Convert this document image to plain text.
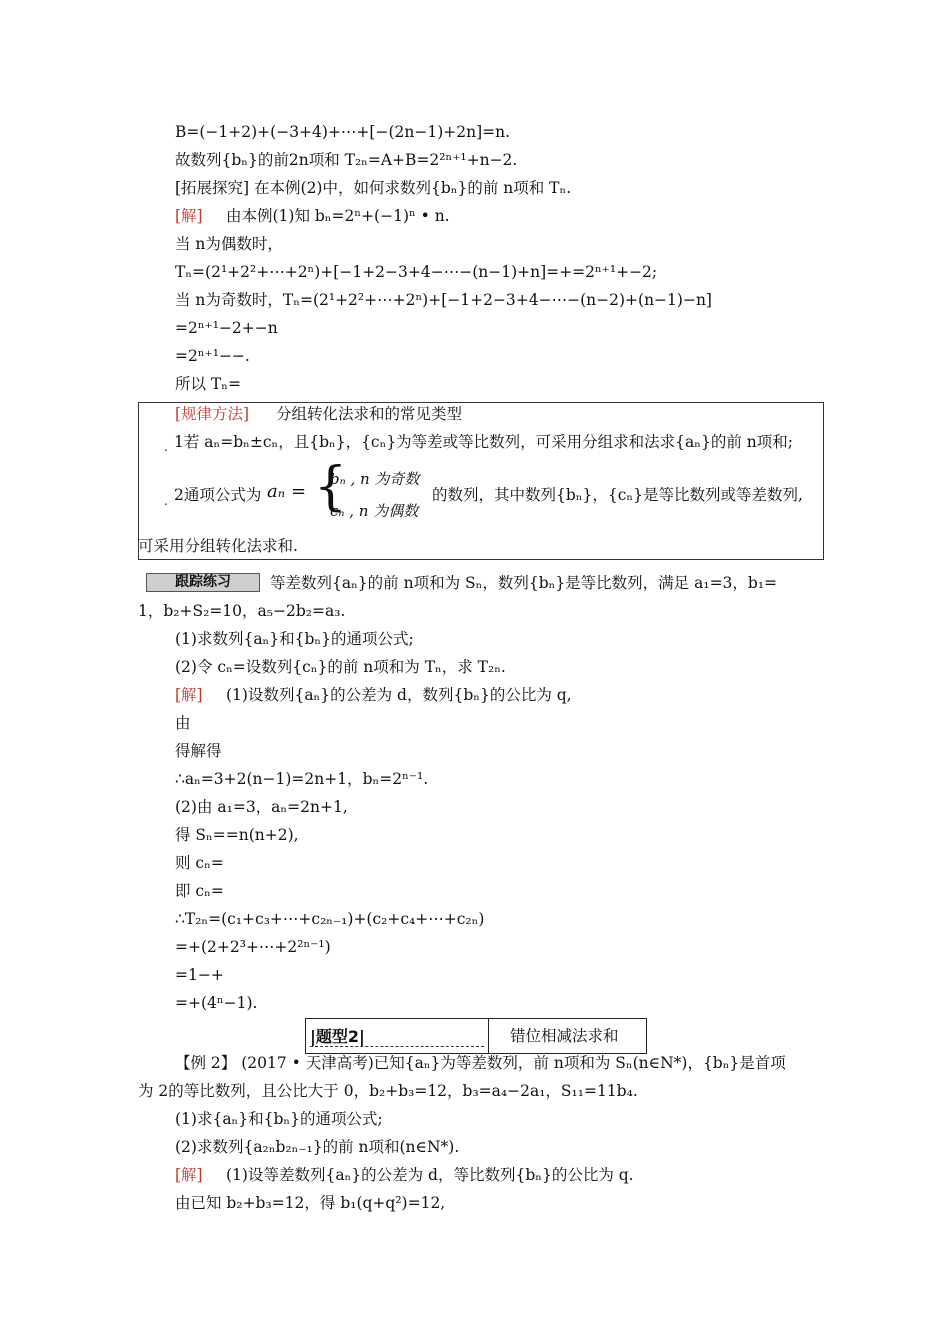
B=(−1+2)+(−3+4)+⋯+[−(2n−1)+2n]=n.
故数列{bₙ}的前2n项和 T₂ₙ=A+B=2²ⁿ⁺¹+n−2.
[拓展探究] 在本例(2)中，如何求数列{bₙ}的前 n项和 Tₙ.
[解] 由本例(1)知 bₙ=2ⁿ+(−1)ⁿ • n.
当 n为偶数时，
Tₙ=(2¹+2²+⋯+2ⁿ)+[−1+2−3+4−⋯−(n−1)+n]=+=2ⁿ⁺¹+−2;
当 n为奇数时，Tₙ=(2¹+2²+⋯+2ⁿ)+[−1+2−3+4−⋯−(n−2)+(n−1)−n]
=2ⁿ⁺¹−2+−n
=2ⁿ⁺¹−−.
所以 Tₙ=
[规律方法] 分组转化法求和的常见类型
. 1若 aₙ=bₙ±cₙ，且{bₙ}，{cₙ}为等差或等比数列，可采用分组求和法求{aₙ}的前 n项和;
. 2通项公式为 aₙ = {
bₙ , n 为奇数
cₙ , n 为偶数
的数列，其中数列{bₙ}，{cₙ}是等比数列或等差数列,
可采用分组转化法求和.
跟踪练习	等差数列{aₙ}的前 n项和为 Sₙ，数列{bₙ}是等比数列，满足 a₁=3，b₁=
1，b₂+S₂=10，a₅−2b₂=a₃.
(1)求数列{aₙ}和{bₙ}的通项公式;
(2)令 cₙ=设数列{cₙ}的前 n项和为 Tₙ，求 T₂ₙ.
[解] (1)设数列{aₙ}的公差为 d，数列{bₙ}的公比为 q,
由
得解得
∴aₙ=3+2(n−1)=2n+1，bₙ=2ⁿ⁻¹.
(2)由 a₁=3，aₙ=2n+1,
得 Sₙ==n(n+2),
则 cₙ=
即 cₙ=
∴T₂ₙ=(c₁+c₃+⋯+c₂ₙ₋₁)+(c₂+c₄+⋯+c₂ₙ)
=+(2+2³+⋯+2²ⁿ⁻¹)
=1−+
=+(4ⁿ−1).
|题型2|	错位相减法求和
【例 2】 (2017 • 天津高考)已知{aₙ}为等差数列，前 n项和为 Sₙ(n∈N*)，{bₙ}是首项
为 2的等比数列，且公比大于 0，b₂+b₃=12，b₃=a₄−2a₁，S₁₁=11b₄.
(1)求{aₙ}和{bₙ}的通项公式;
(2)求数列{a₂ₙb₂ₙ₋₁}的前 n项和(n∈N*).
[解] (1)设等差数列{aₙ}的公差为 d，等比数列{bₙ}的公比为 q.
由已知 b₂+b₃=12，得 b₁(q+q²)=12,
